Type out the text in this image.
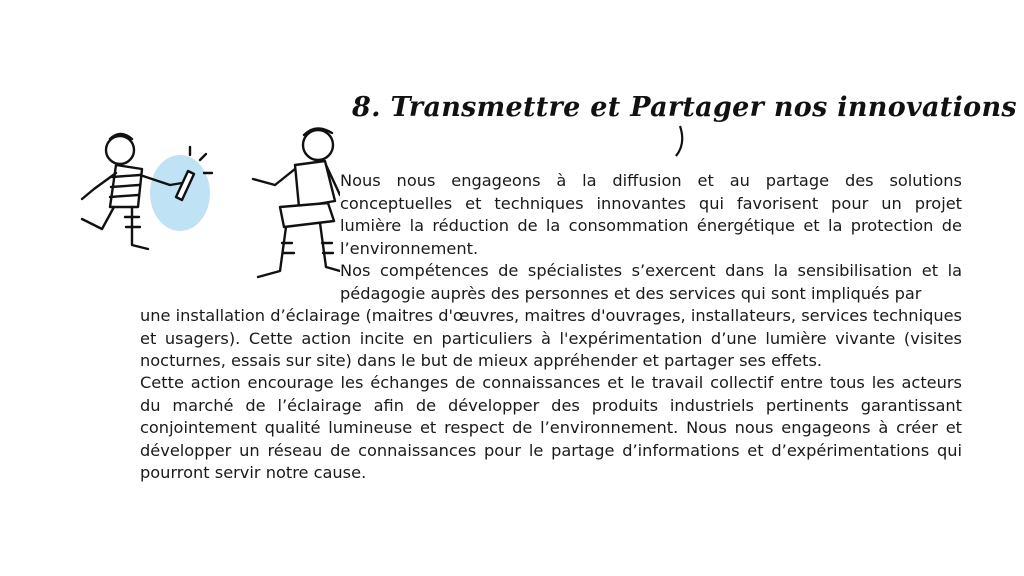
8. Transmettre et Partager nos innovations

Nous nous engageons à la diffusion et au partage des solutions conceptuelles et techniques innovantes qui favorisent pour un projet lumière la réduction de la consommation énergétique et la protection de l’environnement.

Nos compétences de spécialistes s’exercent dans la sensibilisation et la pédagogie auprès des personnes et des services qui sont impliqués par

une installation d’éclairage (maitres d'œuvres, maitres d'ouvrages, installateurs, services techniques et usagers). Cette action incite en particuliers à l'expérimentation d’une lumière vivante (visites nocturnes, essais sur site) dans le but de mieux appréhender et partager ses effets.

Cette action encourage les échanges de connaissances et le travail collectif entre tous les acteurs du marché de l’éclairage afin de développer des produits industriels pertinents garantissant conjointement qualité lumineuse et respect de l’environnement. Nous nous engageons à créer et développer un réseau de connaissances pour le partage d’informations et d’expérimentations qui pourront servir notre cause.
